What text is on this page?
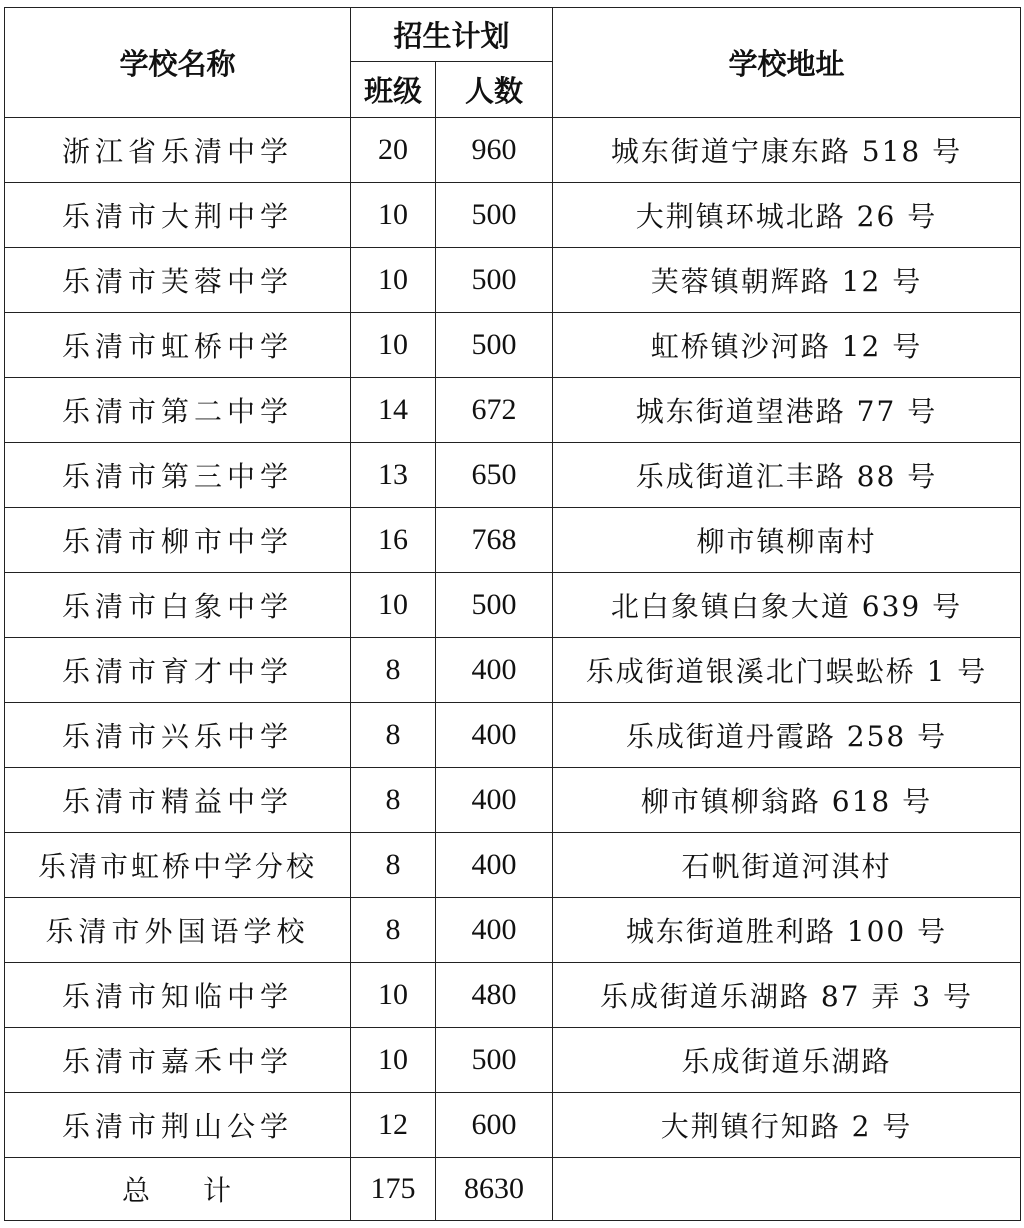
学校名称	招生计划		学校地址
	班级	人数	
浙江省乐清中学	20	960	城东街道宁康东路 518 号
乐清市大荆中学	10	500	大荆镇环城北路 26 号
乐清市芙蓉中学	10	500	芙蓉镇朝辉路 12 号
乐清市虹桥中学	10	500	虹桥镇沙河路 12 号
乐清市第二中学	14	672	城东街道望港路 77 号
乐清市第三中学	13	650	乐成街道汇丰路 88 号
乐清市柳市中学	16	768	柳市镇柳南村
乐清市白象中学	10	500	北白象镇白象大道 639 号
乐清市育才中学	8	400	乐成街道银溪北门蜈蚣桥 1 号
乐清市兴乐中学	8	400	乐成街道丹霞路 258 号
乐清市精益中学	8	400	柳市镇柳翁路 618 号
乐清市虹桥中学分校	8	400	石帆街道河淇村
乐清市外国语学校	8	400	城东街道胜利路 100 号
乐清市知临中学	10	480	乐成街道乐湖路 87 弄 3 号
乐清市嘉禾中学	10	500	乐成街道乐湖路
乐清市荆山公学	12	600	大荆镇行知路 2 号
总 计	175	8630	
